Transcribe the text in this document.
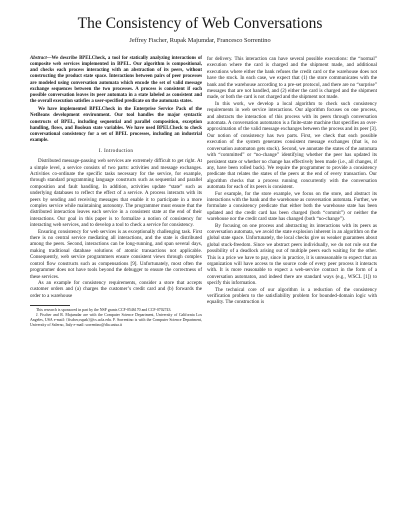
The Consistency of Web Conversations
Jeffrey Fischer, Rupak Majumdar, Francesco Sorrentino

Abstract—We describe BPELCheck, a tool for statically analyzing interactions of composite web services implemented in BPEL. Our algorithm is compositional, and checks each process interacting with an abstraction of its peers, without constructing the product state space. Interactions between pairs of peer processes are modeled using conversation automata which encode the set of valid message exchange sequences between the two processes. A process is consistent if each possible conversation leaves its peer automata in a state labeled as consistent and the overall execution satisfies a user-specified predicate on the automata states.

We have implemented BPELCheck in the Enterprise Service Pack of the NetBeans development environment. Our tool handles the major syntactic constructs of BPEL, including sequential and parallel composition, exception handling, flows, and Boolean state variables. We have used BPELCheck to check conversational consistency for a set of BPEL processes, including an industrial example.

I. Introduction

Distributed message-passing web services are extremely difficult to get right. At a simple level, a service consists of two parts: activities and message exchanges. Activities co-ordinate the specific tasks necessary for the service, for example, through standard programming language constructs such as sequential and parallel composition and fault handling. In addition, activities update “state” such as underlying databases to reflect the effect of a service. A process interacts with its peers by sending and receiving messages that enable it to participate in a more complex service while maintaining autonomy. The programmer must ensure that the distributed interaction leaves each service in a consistent state at the end of their interactions. Our goal in this paper is to formalize a notion of consistency for interacting web services, and to develop a tool to check a service for consistency.

Ensuring consistency for web services is as exceptionally challenging task. First there is no central service mediating all interactions, and the state is distributed among the peers. Second, interactions can be long-running, and span several days, making traditional database solutions of atomic transactions not applicable. Consequently, web service programmers ensure consistent views through complex control flow constructs such as compensations [9]. Unfortunately, most often the programmer does not have tools beyond the debugger to ensure the correctness of these services.

As an example for consistency requirements, consider a store that accepts customer orders and (a) charges the customer’s credit card and (b) forwards the order to a warehouse

This research is sponsored in part by the NSF grants CCF-0546170 and CCF-0702743.

J. Fischer and R. Majumdar are with the Computer Science Department, University of California Los Angeles, USA e-mail: {fischer,rupak}@cs.ucla.edu. F. Sorrentino is with the Computer Science Department, University of Salerno, Italy e-mail: sorrentino@dia.unisa.it

for delivery. This interaction can have several possible executions: the “normal” execution where the card is charged and the shipment made, and additional executions where either the bank refuses the credit card or the warehouse does not have the stock. In each case, we expect that (1) the store communicates with the bank and the warehouse according to a pre-set protocol, and there are no “surprise” messages that are not handled, and (2) either the card is charged and the shipment made, or both the card is not charged and the shipment not made.

In this work, we develop a local algorithm to check such consistency requirements in web service interactions. Our algorithm focuses on one process, and abstracts the interaction of this process with its peers through conversation automata. A conversation automaton is a finite-state machine that specifies an over-approximation of the valid message exchanges between the process and its peer [3]. Our notion of consistency has two parts. First, we check that each possible execution of the system generates consistent message exchanges (that is, no conversation automaton gets stuck). Second, we annotate the states of the automata with “committed” or “no-change” identifying whether the peer has updated its persistent state or whether no change has effectively been made (i.e., all changes, if any, have been rolled back). We require the programmer to provide a consistency predicate that relates the states of the peers at the end of every transaction. Our algorithm checks that a process running concurrently with the conversation automata for each of its peers is consistent.

For example, for the store example, we focus on the store, and abstract its interactions with the bank and the warehouse as conversation automata. Further, we formulate a consistency predicate that either both the warehouse state has been updated and the credit card has been charged (both “commit”) or neither the warehouse nor the credit card state has changed (both “no-change”).

By focusing on one process and abstracting its interactions with its peers as conversation automata, we avoid the state explosion inherent in an algorithm on the global state space. Unfortunately, the local checks give us weaker guarantees about global stuck-freedom. Since we abstract peers individually, we do not rule out the possibility of a deadlock arising out of multiple peers each waiting for the other. This is a price we have to pay, since in practice, it is unreasonable to expect that an organization will have access to the source code of every peer process it interacts with. It is more reasonable to expect a web-service contract in the form of a conversation automaton, and indeed there are standard ways (e.g., WSCL [1]) to specify this information.

The technical core of our algorithm is a reduction of the consistency verification problem to the satisfiability problem for bounded-domain logic with equality. The construction is
